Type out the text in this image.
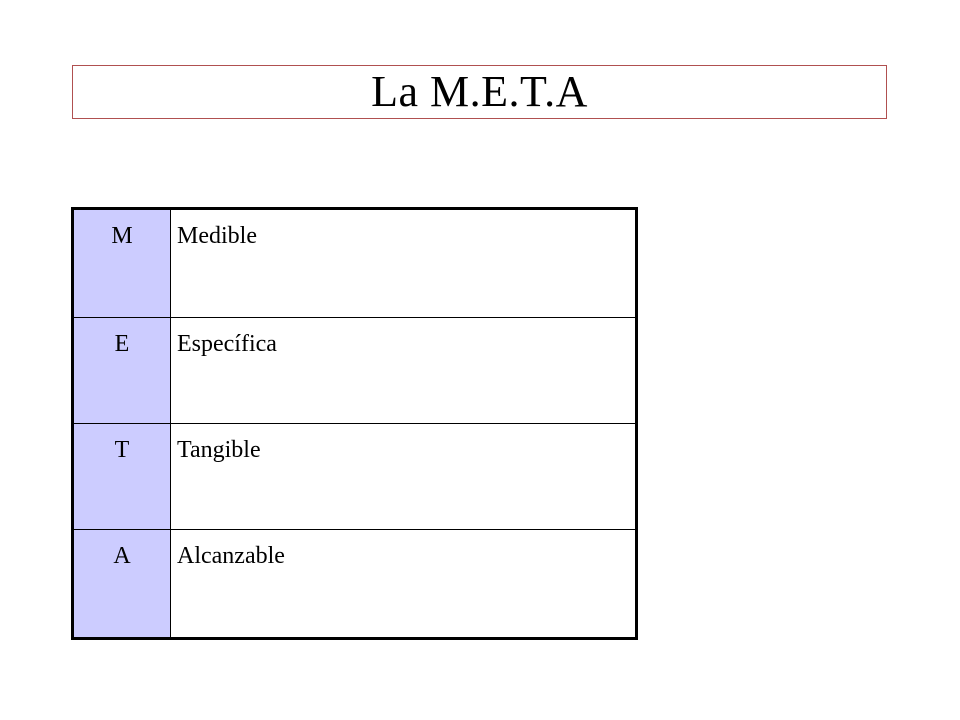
La M.E.T.A
M	Medible
E	Específica
T	Tangible
A	Alcanzable
